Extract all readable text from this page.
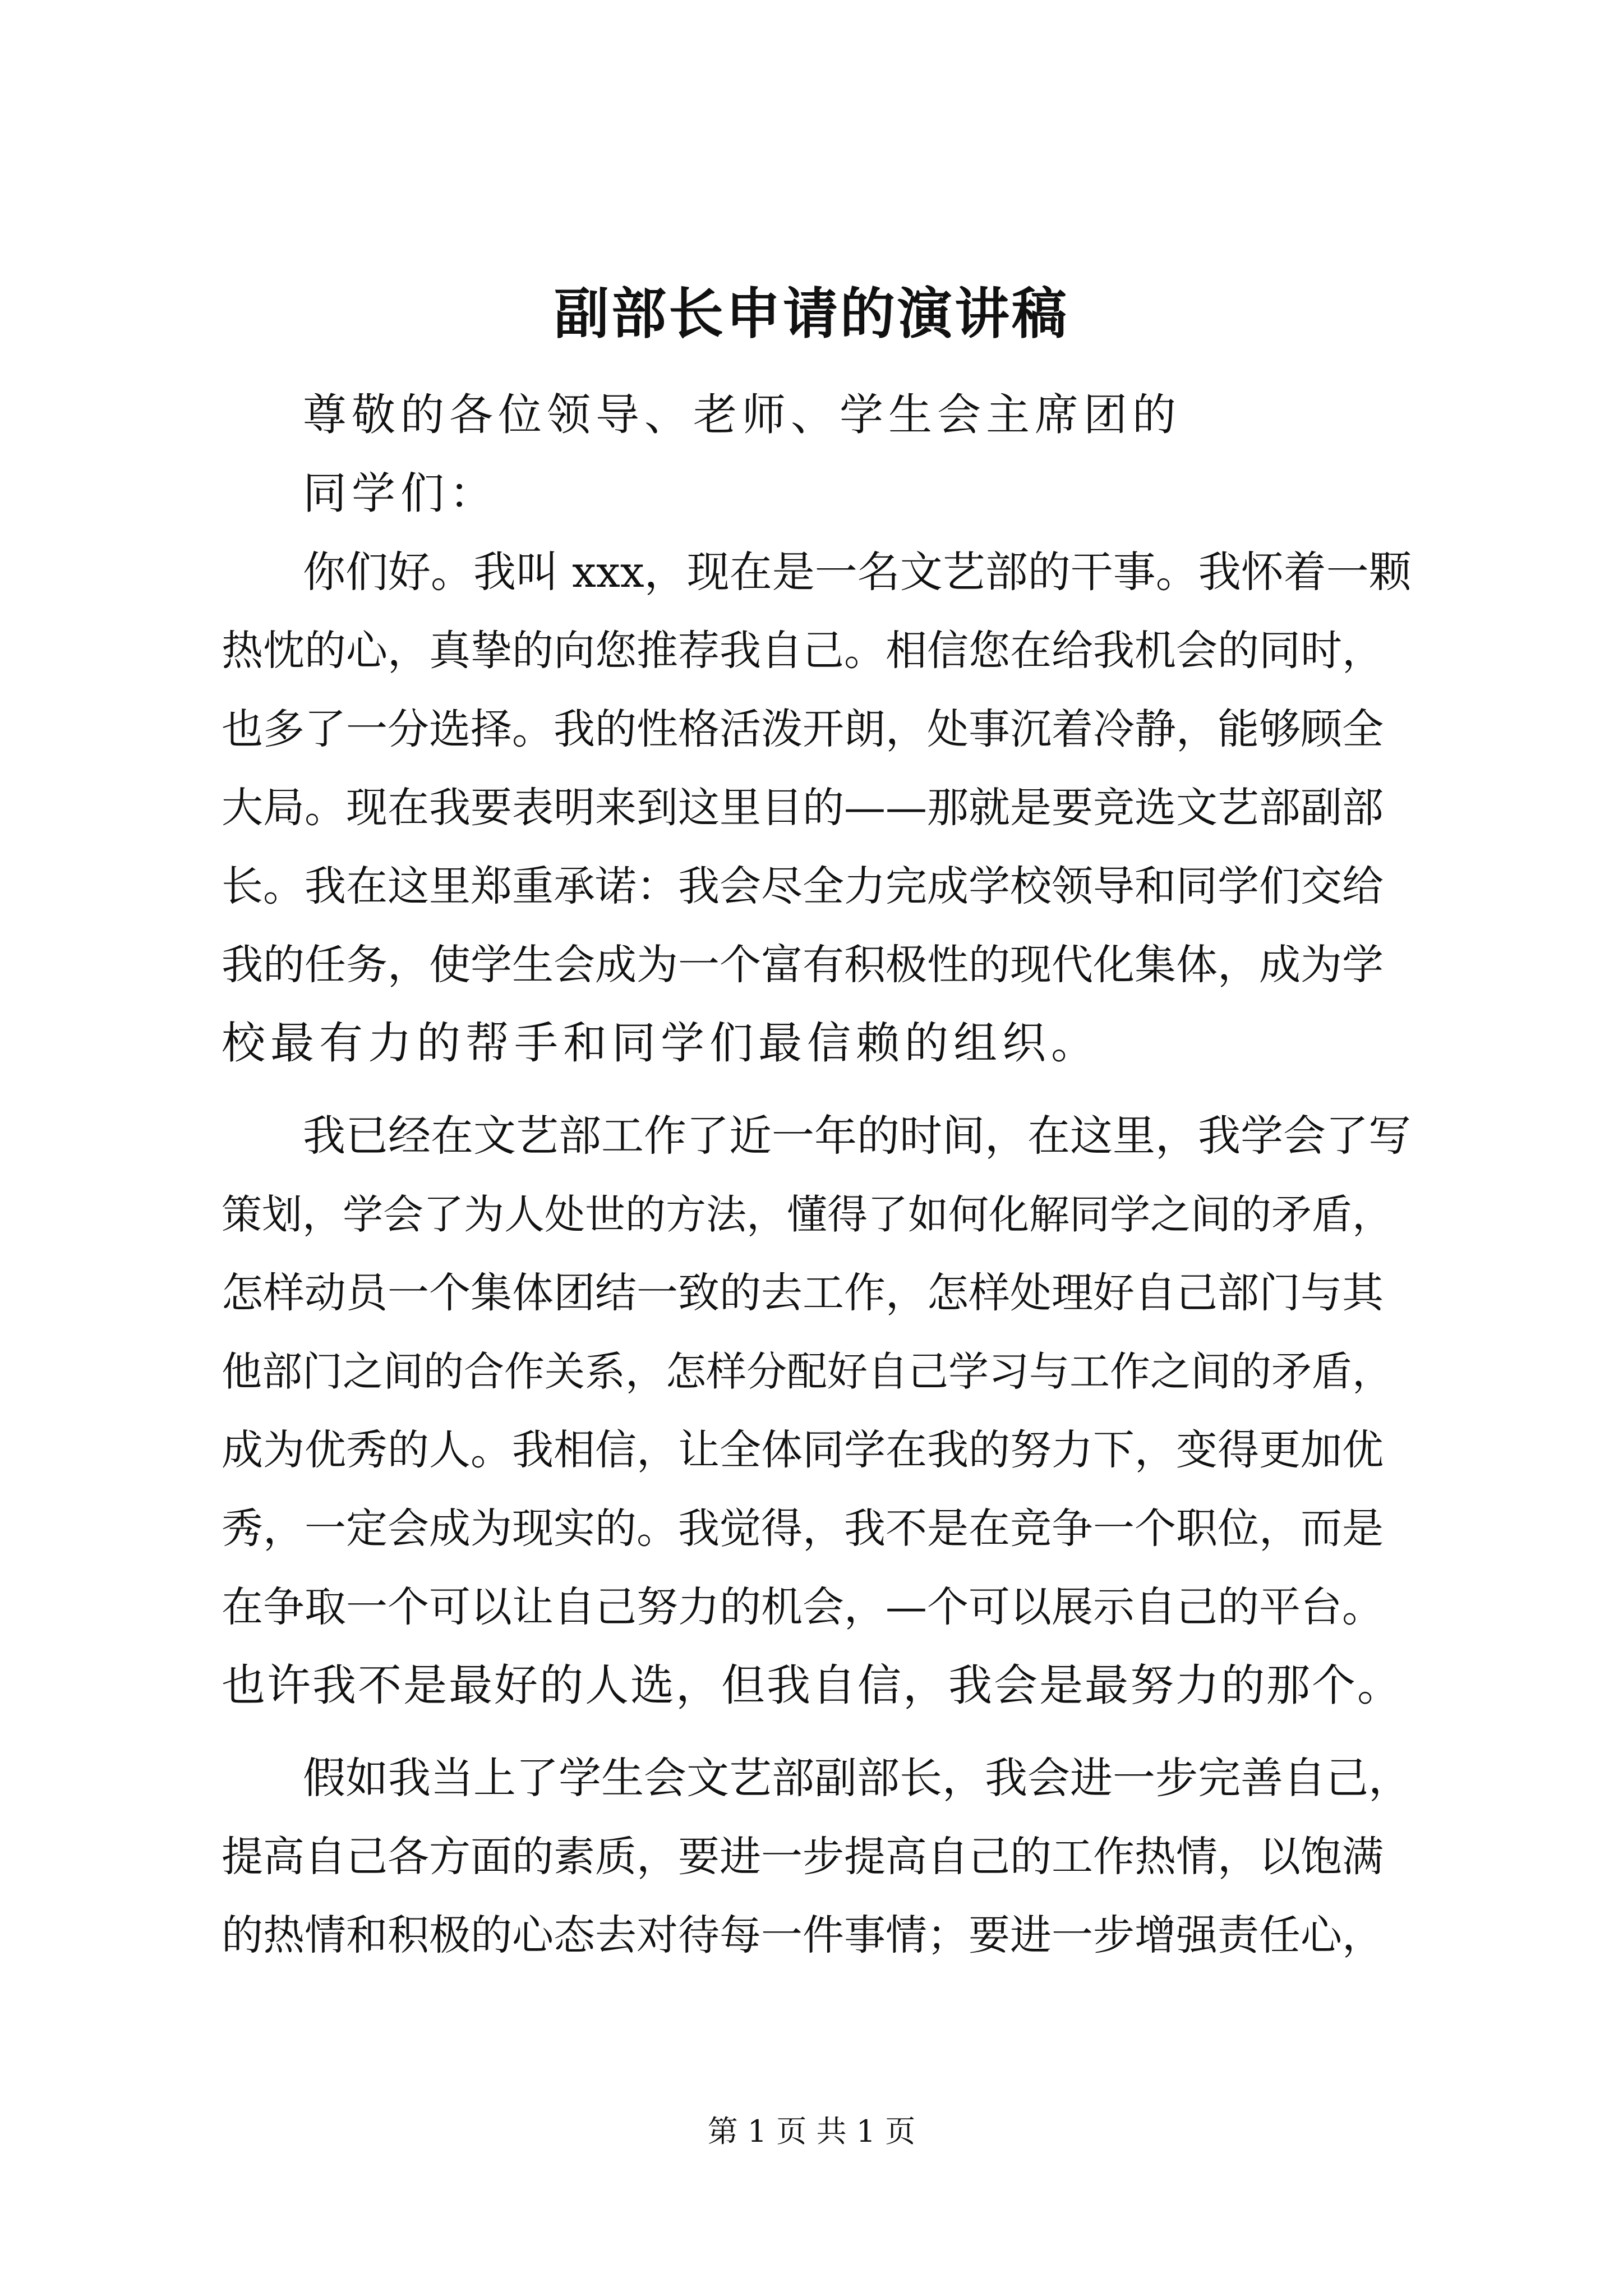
副部长申请的演讲稿
尊敬的各位领导、老师、学生会主席团的
同学们：
你们好。我叫 xxx，现在是一名文艺部的干事。我怀着一颗
热忱的心，真挚的向您推荐我自己。相信您在给我机会的同时，
也多了一分选择。我的性格活泼开朗，处事沉着冷静，能够顾全
大局。现在我要表明来到这里目的——那就是要竞选文艺部副部
长。我在这里郑重承诺：我会尽全力完成学校领导和同学们交给
我的任务，使学生会成为一个富有积极性的现代化集体，成为学
校最有力的帮手和同学们最信赖的组织。
我已经在文艺部工作了近一年的时间，在这里，我学会了写
策划，学会了为人处世的方法，懂得了如何化解同学之间的矛盾，
怎样动员一个集体团结一致的去工作，怎样处理好自己部门与其
他部门之间的合作关系，怎样分配好自己学习与工作之间的矛盾，
成为优秀的人。我相信，让全体同学在我的努力下，变得更加优
秀，一定会成为现实的。我觉得，我不是在竞争一个职位，而是
在争取一个可以让自己努力的机会，—个可以展示自己的平台。
也许我不是最好的人选，但我自信，我会是最努力的那个。
假如我当上了学生会文艺部副部长，我会进一步完善自己，
提高自己各方面的素质，要进一步提高自己的工作热情，以饱满
的热情和积极的心态去对待每一件事情；要进一步增强责任心，
第 1 页 共 1 页
